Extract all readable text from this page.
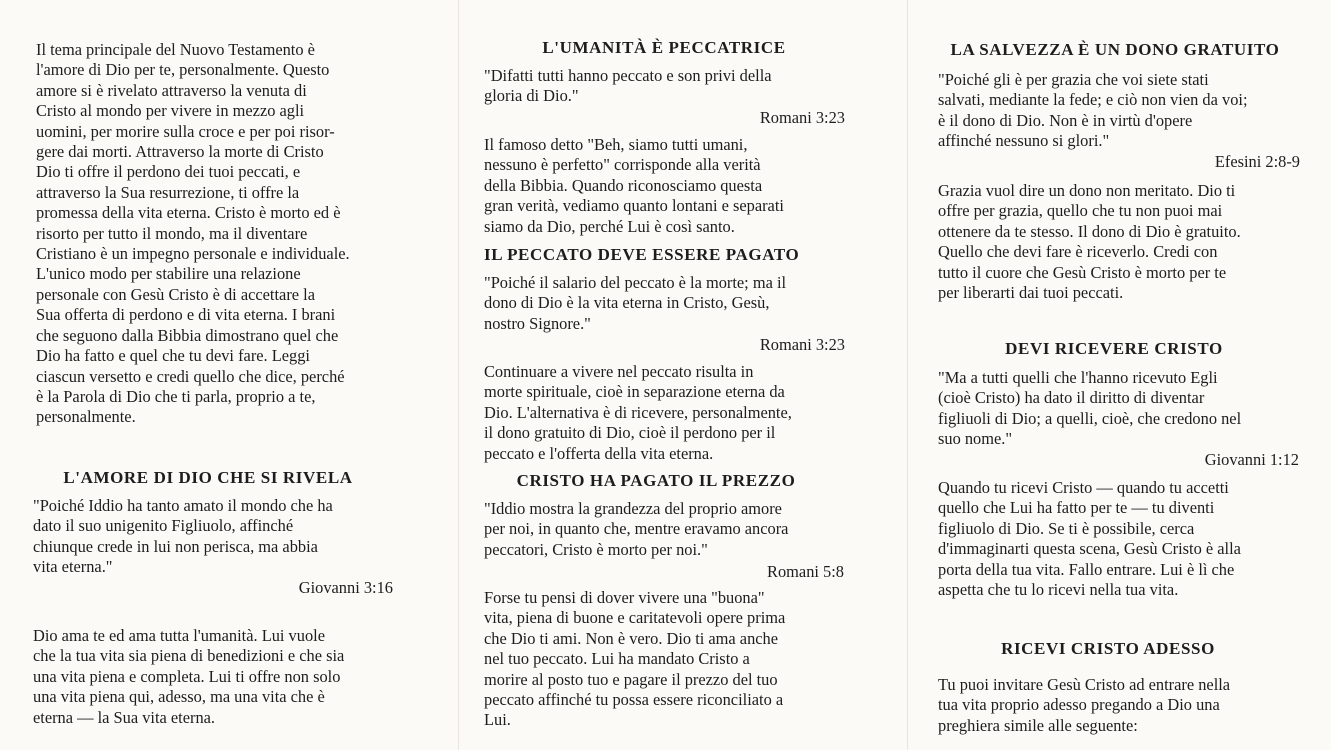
Il tema principale del Nuovo Testamento è
l'amore di Dio per te, personalmente. Questo
amore si è rivelato attraverso la venuta di
Cristo al mondo per vivere in mezzo agli
uomini, per morire sulla croce e per poi risor-
gere dai morti. Attraverso la morte di Cristo
Dio ti offre il perdono dei tuoi peccati, e
attraverso la Sua resurrezione, ti offre la
promessa della vita eterna. Cristo è morto ed è
risorto per tutto il mondo, ma il diventare
Cristiano è un impegno personale e individuale.
L'unico modo per stabilire una relazione
personale con Gesù Cristo è di accettare la
Sua offerta di perdono e di vita eterna. I brani
che seguono dalla Bibbia dimostrano quel che
Dio ha fatto e quel che tu devi fare. Leggi
ciascun versetto e credi quello che dice, perché
è la Parola di Dio che ti parla, proprio a te,
personalmente.

L'AMORE DI DIO CHE SI RIVELA

"Poiché Iddio ha tanto amato il mondo che ha
dato il suo unigenito Figliuolo, affinché
chiunque crede in lui non perisca, ma abbia
vita eterna."

Giovanni 3:16

Dio ama te ed ama tutta l'umanità. Lui vuole
che la tua vita sia piena di benedizioni e che sia
una vita piena e completa. Lui ti offre non solo
una vita piena qui, adesso, ma una vita che è
eterna — la Sua vita eterna.

L'UMANITÀ È PECCATRICE

"Difatti tutti hanno peccato e son privi della
gloria di Dio."

Romani 3:23

Il famoso detto "Beh, siamo tutti umani,
nessuno è perfetto" corrisponde alla verità
della Bibbia. Quando riconosciamo questa
gran verità, vediamo quanto lontani e separati
siamo da Dio, perché Lui è così santo.

IL PECCATO DEVE ESSERE PAGATO

"Poiché il salario del peccato è la morte; ma il
dono di Dio è la vita eterna in Cristo, Gesù,
nostro Signore."

Romani 3:23

Continuare a vivere nel peccato risulta in
morte spirituale, cioè in separazione eterna da
Dio. L'alternativa è di ricevere, personalmente,
il dono gratuito di Dio, cioè il perdono per il
peccato e l'offerta della vita eterna.

CRISTO HA PAGATO IL PREZZO

"Iddio mostra la grandezza del proprio amore
per noi, in quanto che, mentre eravamo ancora
peccatori, Cristo è morto per noi."

Romani 5:8

Forse tu pensi di dover vivere una "buona"
vita, piena di buone e caritatevoli opere prima
che Dio ti ami. Non è vero. Dio ti ama anche
nel tuo peccato. Lui ha mandato Cristo a
morire al posto tuo e pagare il prezzo del tuo
peccato affinché tu possa essere riconciliato a
Lui.

LA SALVEZZA È UN DONO GRATUITO

"Poiché gli è per grazia che voi siete stati
salvati, mediante la fede; e ciò non vien da voi;
è il dono di Dio. Non è in virtù d'opere
affinché nessuno si glori."

Efesini 2:8-9

Grazia vuol dire un dono non meritato. Dio ti
offre per grazia, quello che tu non puoi mai
ottenere da te stesso. Il dono di Dio è gratuito.
Quello che devi fare è riceverlo. Credi con
tutto il cuore che Gesù Cristo è morto per te
per liberarti dai tuoi peccati.

DEVI RICEVERE CRISTO

"Ma a tutti quelli che l'hanno ricevuto Egli
(cioè Cristo) ha dato il diritto di diventar
figliuoli di Dio; a quelli, cioè, che credono nel
suo nome."

Giovanni 1:12

Quando tu ricevi Cristo — quando tu accetti
quello che Lui ha fatto per te — tu diventi
figliuolo di Dio. Se ti è possibile, cerca
d'immaginarti questa scena, Gesù Cristo è alla
porta della tua vita. Fallo entrare. Lui è lì che
aspetta che tu lo ricevi nella tua vita.

RICEVI CRISTO ADESSO

Tu puoi invitare Gesù Cristo ad entrare nella
tua vita proprio adesso pregando a Dio una
preghiera simile alle seguente:
